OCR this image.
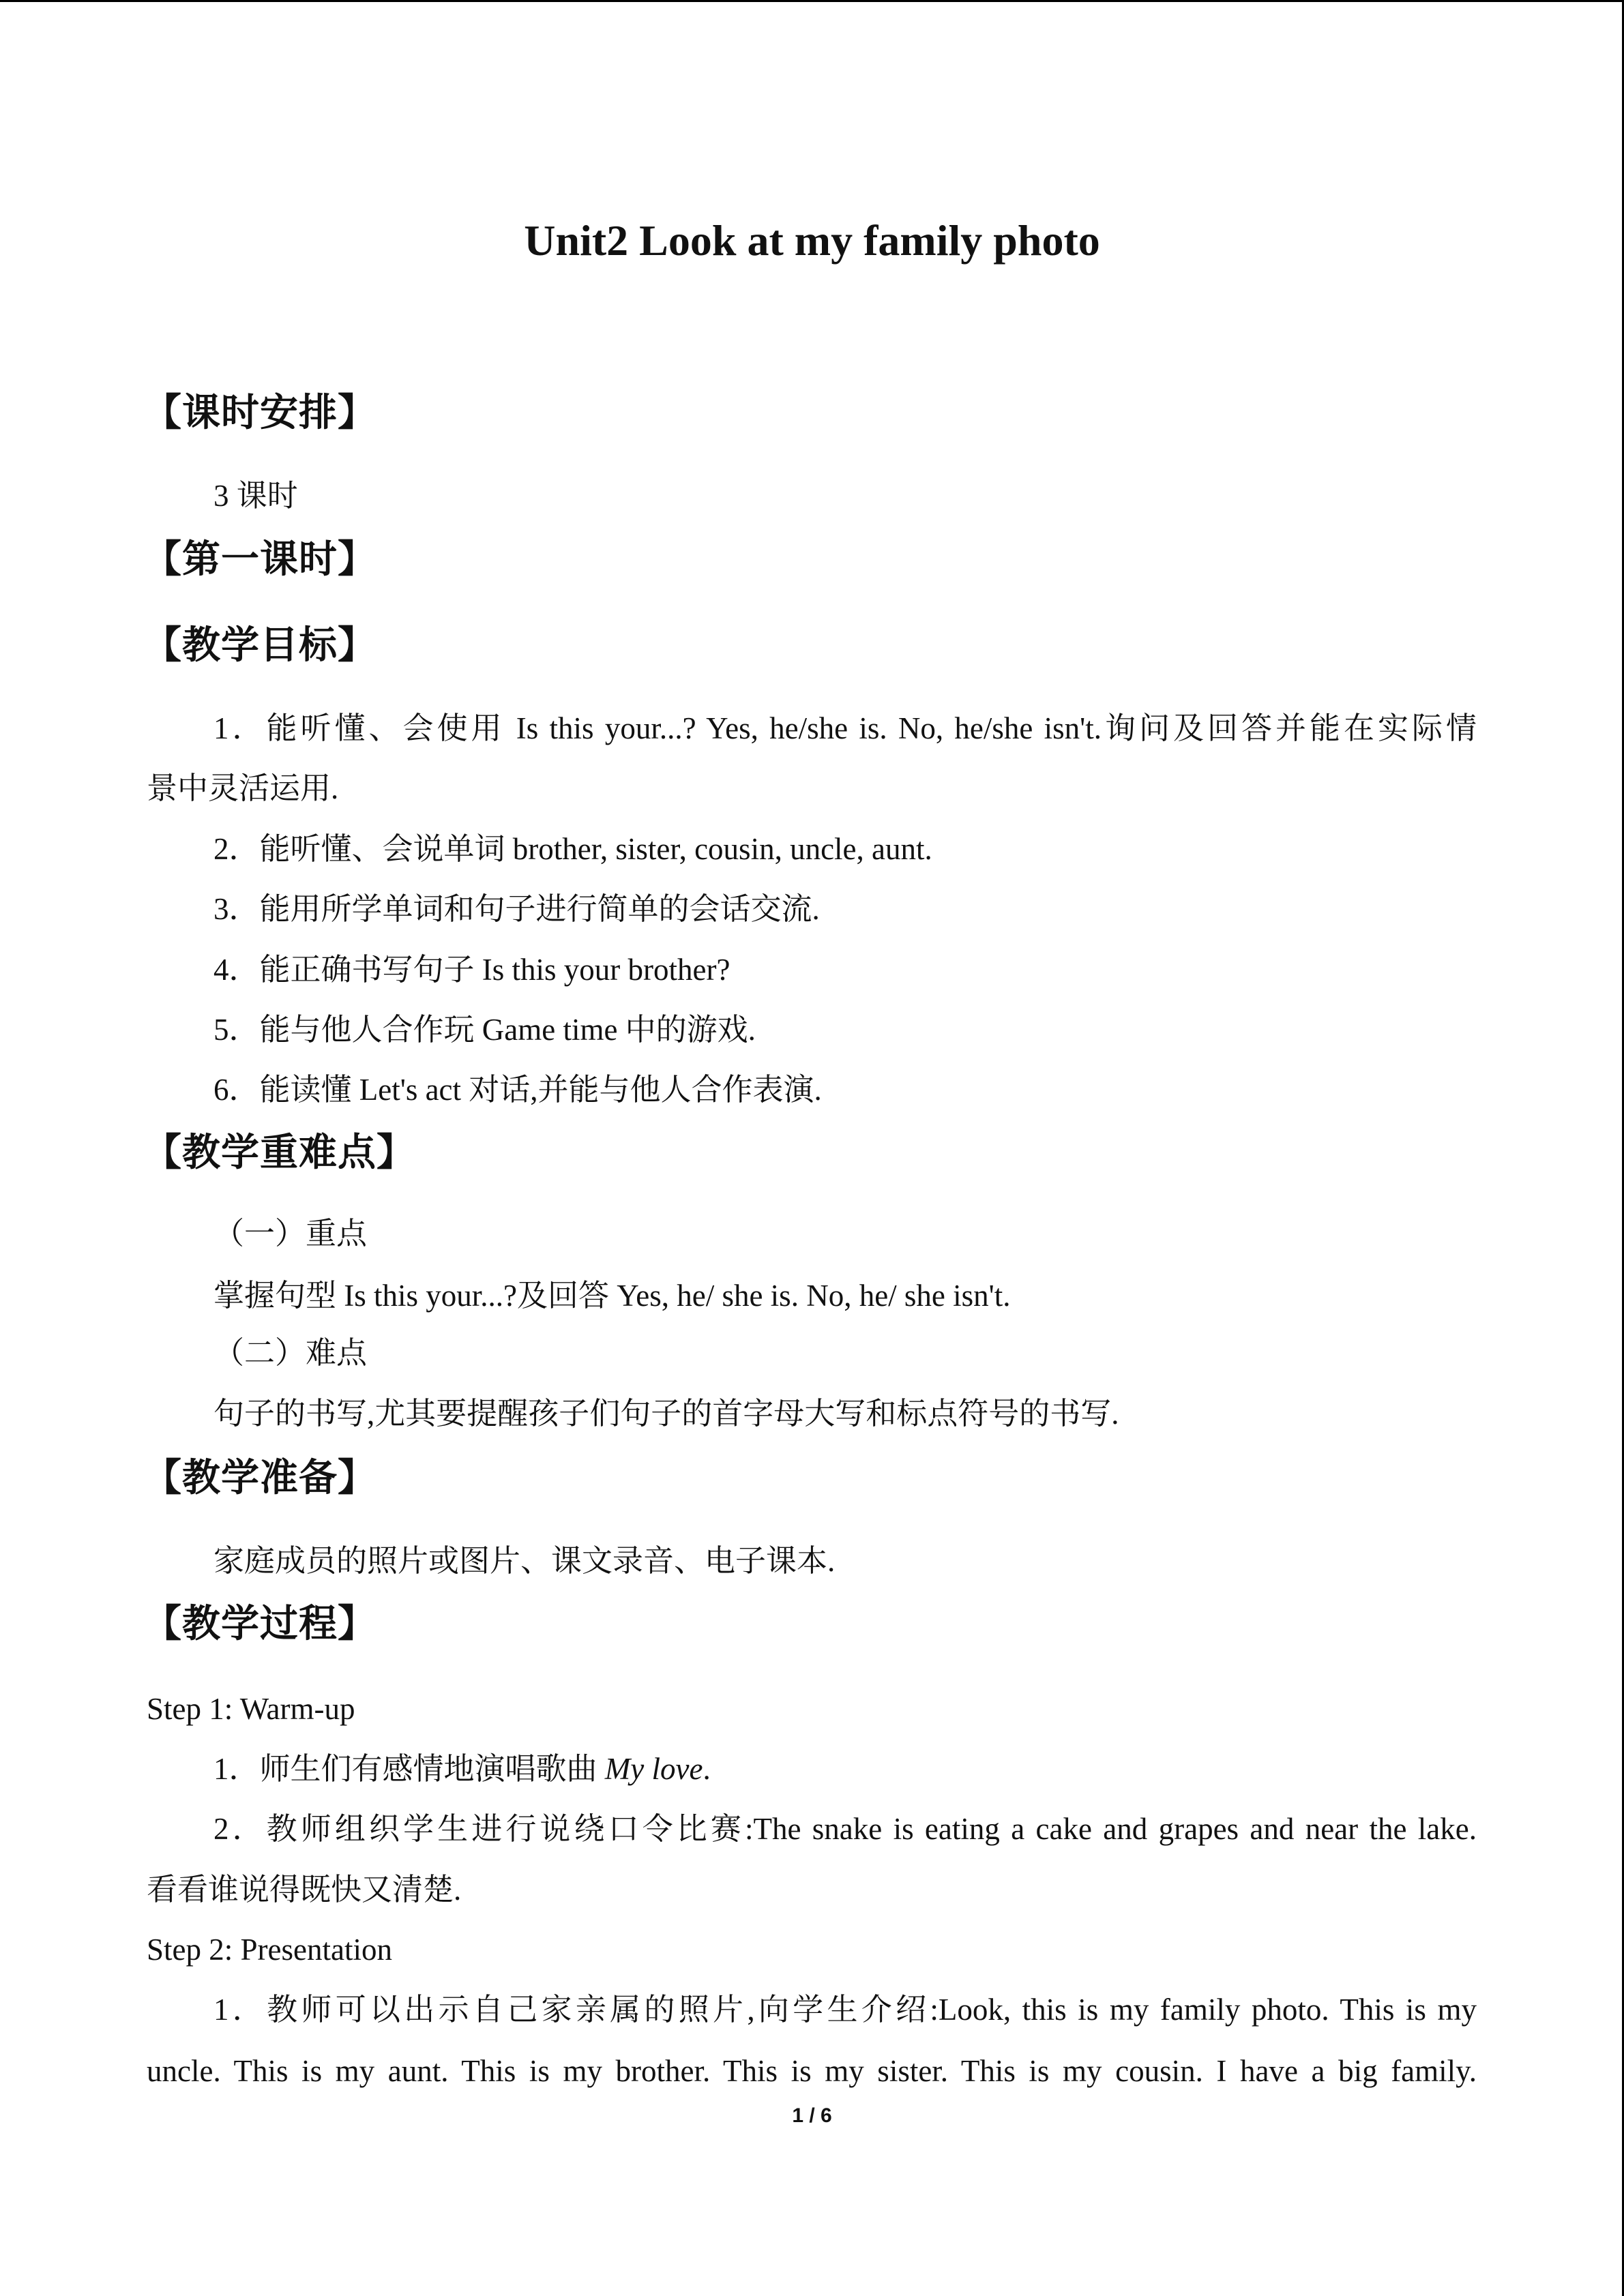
Unit2 Look at my family photo
【课时安排】
3 课时
【第一课时】
【教学目标】
1．能听懂、会使用 Is this your...? Yes, he/she is. No, he/she isn't.询问及回答并能在实际情
景中灵活运用.
2．能听懂、会说单词 brother, sister, cousin, uncle, aunt.
3．能用所学单词和句子进行简单的会话交流.
4．能正确书写句子 Is this your brother?
5．能与他人合作玩 Game time 中的游戏.
6．能读懂 Let's act 对话,并能与他人合作表演.
【教学重难点】
（一）重点
掌握句型 Is this your...?及回答 Yes, he/ she is. No, he/ she isn't.
（二）难点
句子的书写,尤其要提醒孩子们句子的首字母大写和标点符号的书写.
【教学准备】
家庭成员的照片或图片、课文录音、电子课本.
【教学过程】
Step 1: Warm-up
1．师生们有感情地演唱歌曲 My love.
2．教师组织学生进行说绕口令比赛:The snake is eating a cake and grapes and near the lake.
看看谁说得既快又清楚.
Step 2: Presentation
1．教师可以出示自己家亲属的照片,向学生介绍:Look, this is my family photo. This is my
uncle. This is my aunt. This is my brother. This is my sister. This is my cousin. I have a big family.
1 / 6
